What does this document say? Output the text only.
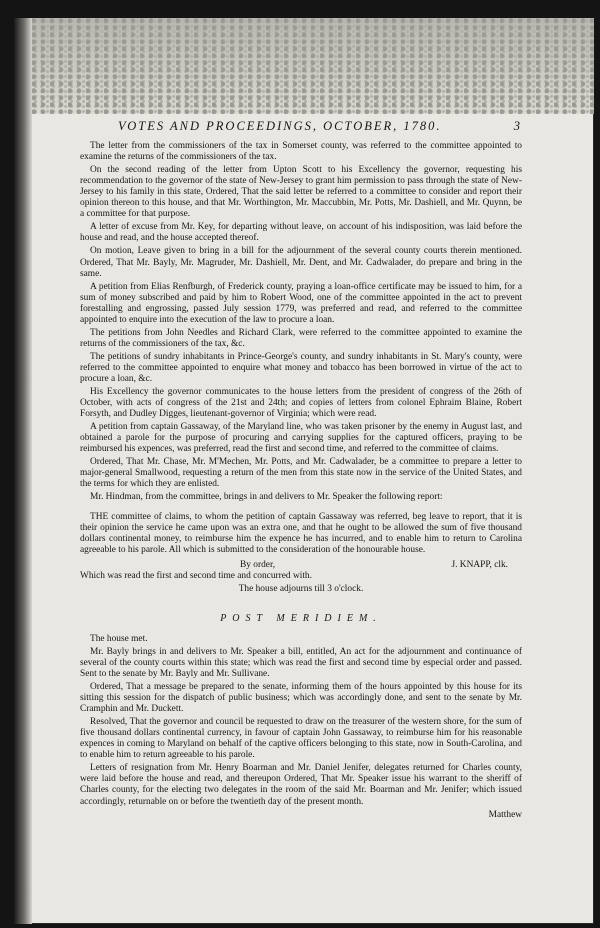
VOTES AND PROCEEDINGS, OCTOBER, 1780.	3

The letter from the commissioners of the tax in Somerset county, was referred to the committee appointed to examine the returns of the commissioners of the tax.

On the second reading of the letter from Upton Scott to his Excellency the governor, requesting his recommendation to the governor of the state of New-Jersey to grant him permission to pass through the state of New-Jersey to his family in this state, Ordered, That the said letter be referred to a committee to consider and report their opinion thereon to this house, and that Mr. Worthington, Mr. Maccubbin, Mr. Potts, Mr. Dashiell, and Mr. Quynn, be a committee for that purpose.

A letter of excuse from Mr. Key, for departing without leave, on account of his indisposition, was laid before the house and read, and the house accepted thereof.

On motion, Leave given to bring in a bill for the adjournment of the several county courts therein mentioned. Ordered, That Mr. Bayly, Mr. Magruder, Mr. Dashiell, Mr. Dent, and Mr. Cadwalader, do prepare and bring in the same.

A petition from Elias Renfburgh, of Frederick county, praying a loan-office certificate may be issued to him, for a sum of money subscribed and paid by him to Robert Wood, one of the committee appointed in the act to prevent forestalling and engrossing, passed July session 1779, was preferred and read, and referred to the committee appointed to enquire into the execution of the law to procure a loan.

The petitions from John Needles and Richard Clark, were referred to the committee appointed to examine the returns of the commissioners of the tax, &c.

The petitions of sundry inhabitants in Prince-George's county, and sundry inhabitants in St. Mary's county, were referred to the committee appointed to enquire what money and tobacco has been borrowed in virtue of the act to procure a loan, &c.

His Excellency the governor communicates to the house letters from the president of congress of the 26th of October, with acts of congress of the 21st and 24th; and copies of letters from colonel Ephraim Blaine, Robert Forsyth, and Dudley Digges, lieutenant-governor of Virginia; which were read.

A petition from captain Gassaway, of the Maryland line, who was taken prisoner by the enemy in August last, and obtained a parole for the purpose of procuring and carrying supplies for the captured officers, praying to be reimbursed his expences, was preferred, read the first and second time, and referred to the committee of claims.

Ordered, That Mr. Chase, Mr. M'Mechen, Mr. Potts, and Mr. Cadwalader, be a committee to prepare a letter to major-general Smallwood, requesting a return of the men from this state now in the service of the United States, and the terms for which they are enlisted.

Mr. Hindman, from the committee, brings in and delivers to Mr. Speaker the following report:

THE committee of claims, to whom the petition of captain Gassaway was referred, beg leave to report, that it is their opinion the service he came upon was an extra one, and that he ought to be allowed the sum of five thousand dollars continental money, to reimburse him the expence he has incurred, and to enable him to return to Carolina agreeable to his parole. All which is submitted to the consideration of the honourable house.

By order,	J. KNAPP, clk.

Which was read the first and second time and concurred with.

The house adjourns till 3 o'clock.

POST MERIDIEM.

The house met.

Mr. Bayly brings in and delivers to Mr. Speaker a bill, entitled, An act for the adjournment and continuance of several of the county courts within this state; which was read the first and second time by especial order and passed. Sent to the senate by Mr. Bayly and Mr. Sullivane.

Ordered, That a message be prepared to the senate, informing them of the hours appointed by this house for its sitting this session for the dispatch of public business; which was accordingly done, and sent to the senate by Mr. Cramphin and Mr. Duckett.

Resolved, That the governor and council be requested to draw on the treasurer of the western shore, for the sum of five thousand dollars continental currency, in favour of captain John Gassaway, to reimburse him for his reasonable expences in coming to Maryland on behalf of the captive officers belonging to this state, now in South-Carolina, and to enable him to return agreeable to his parole.

Letters of resignation from Mr. Henry Boarman and Mr. Daniel Jenifer, delegates returned for Charles county, were laid before the house and read, and thereupon Ordered, That Mr. Speaker issue his warrant to the sheriff of Charles county, for the electing two delegates in the room of the said Mr. Boarman and Mr. Jenifer; which issued accordingly, returnable on or before the twentieth day of the present month.

Matthew
